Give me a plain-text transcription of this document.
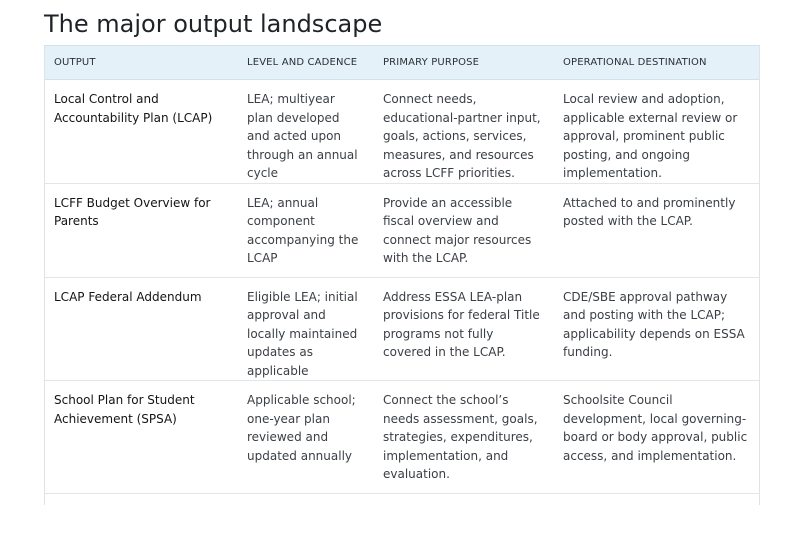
The major output landscape
OUTPUT	LEVEL AND CADENCE	PRIMARY PURPOSE	OPERATIONAL DESTINATION
Local Control and Accountability Plan (LCAP)	LEA; multiyear plan developed and acted upon through an annual cycle	Connect needs, educational-partner input, goals, actions, services, measures, and resources across LCFF priorities.	Local review and adoption, applicable external review or approval, prominent public posting, and ongoing implementation.
LCFF Budget Overview for Parents	LEA; annual component accompanying the LCAP	Provide an accessible fiscal overview and connect major resources with the LCAP.	Attached to and prominently posted with the LCAP.
LCAP Federal Addendum	Eligible LEA; initial approval and locally maintained updates as applicable	Address ESSA LEA-plan provisions for federal Title programs not fully covered in the LCAP.	CDE/SBE approval pathway and posting with the LCAP; applicability depends on ESSA funding.
School Plan for Student Achievement (SPSA)	Applicable school; one-year plan reviewed and updated annually	Connect the school’s needs assessment, goals, strategies, expenditures, implementation, and evaluation.	Schoolsite Council development, local governing-board or body approval, public access, and implementation.
